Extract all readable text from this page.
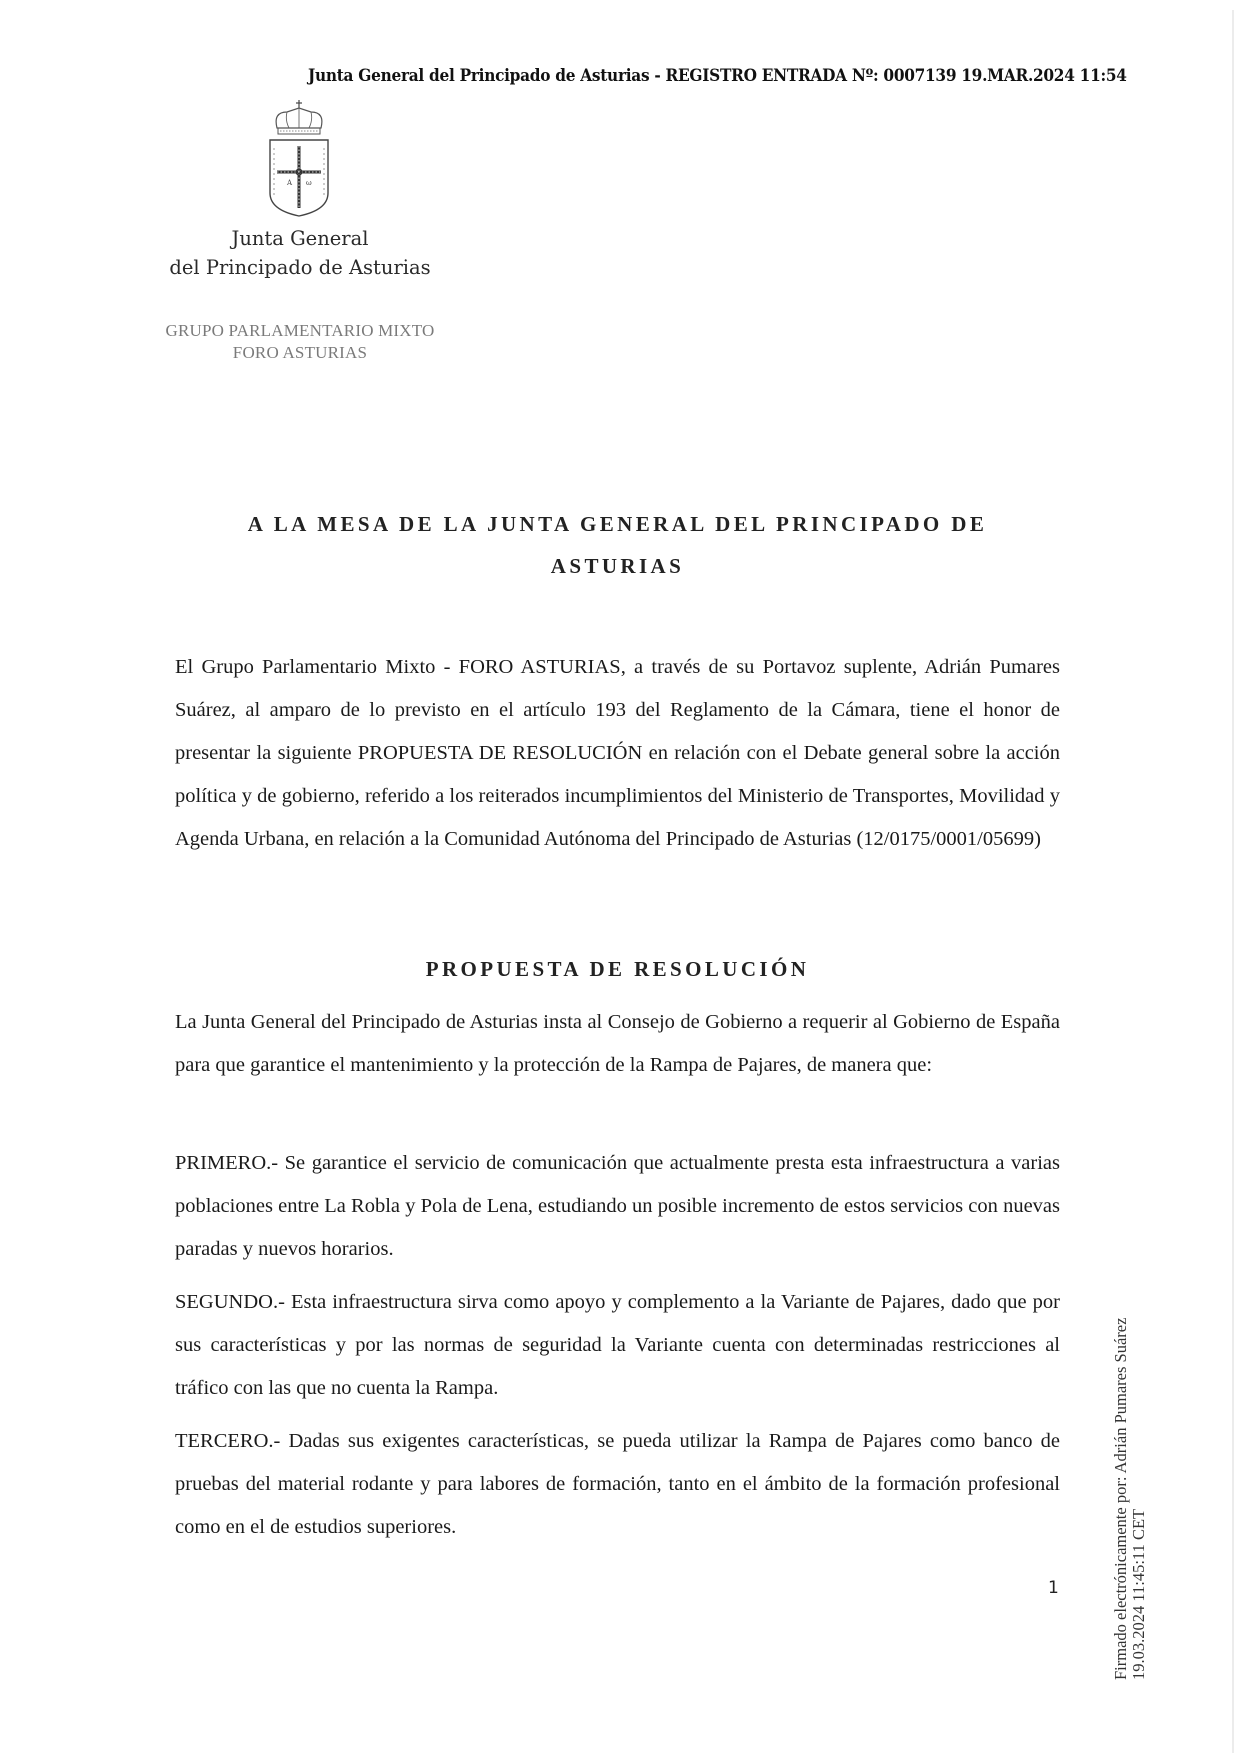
Junta General del Principado de Asturias - REGISTRO ENTRADA Nº: 0007139 19.MAR.2024 11:54
A ω
Junta General
del Principado de Asturias
GRUPO PARLAMENTARIO MIXTO
FORO ASTURIAS
A LA MESA DE LA JUNTA GENERAL DEL PRINCIPADO DE
ASTURIAS

El Grupo Parlamentario Mixto - FORO ASTURIAS, a través de su Portavoz suplente, Adrián Pumares Suárez, al amparo de lo previsto en el artículo 193 del Reglamento de la Cámara, tiene el honor de presentar la siguiente PROPUESTA DE RESOLUCIÓN en relación con el Debate general sobre la acción política y de gobierno, referido a los reiterados incumplimientos del Ministerio de Transportes, Movilidad y Agenda Urbana, en relación a la Comunidad Autónoma del Principado de Asturias (12/0175/0001/05699)

PROPUESTA DE RESOLUCIÓN

La Junta General del Principado de Asturias insta al Consejo de Gobierno a requerir al Gobierno de España para que garantice el mantenimiento y la protección de la Rampa de Pajares, de manera que:

PRIMERO.- Se garantice el servicio de comunicación que actualmente presta esta infraestructura a varias poblaciones entre La Robla y Pola de Lena, estudiando un posible incremento de estos servicios con nuevas paradas y nuevos horarios.

SEGUNDO.- Esta infraestructura sirva como apoyo y complemento a la Variante de Pajares, dado que por sus características y por las normas de seguridad la Variante cuenta con determinadas restricciones al tráfico con las que no cuenta la Rampa.

TERCERO.- Dadas sus exigentes características, se pueda utilizar la Rampa de Pajares como banco de pruebas del material rodante y para labores de formación, tanto en el ámbito de la formación profesional como en el de estudios superiores.

1	Firmado electrónicamente por: Adrián Pumares Suárez 19.03.2024 11:45:11 CET
